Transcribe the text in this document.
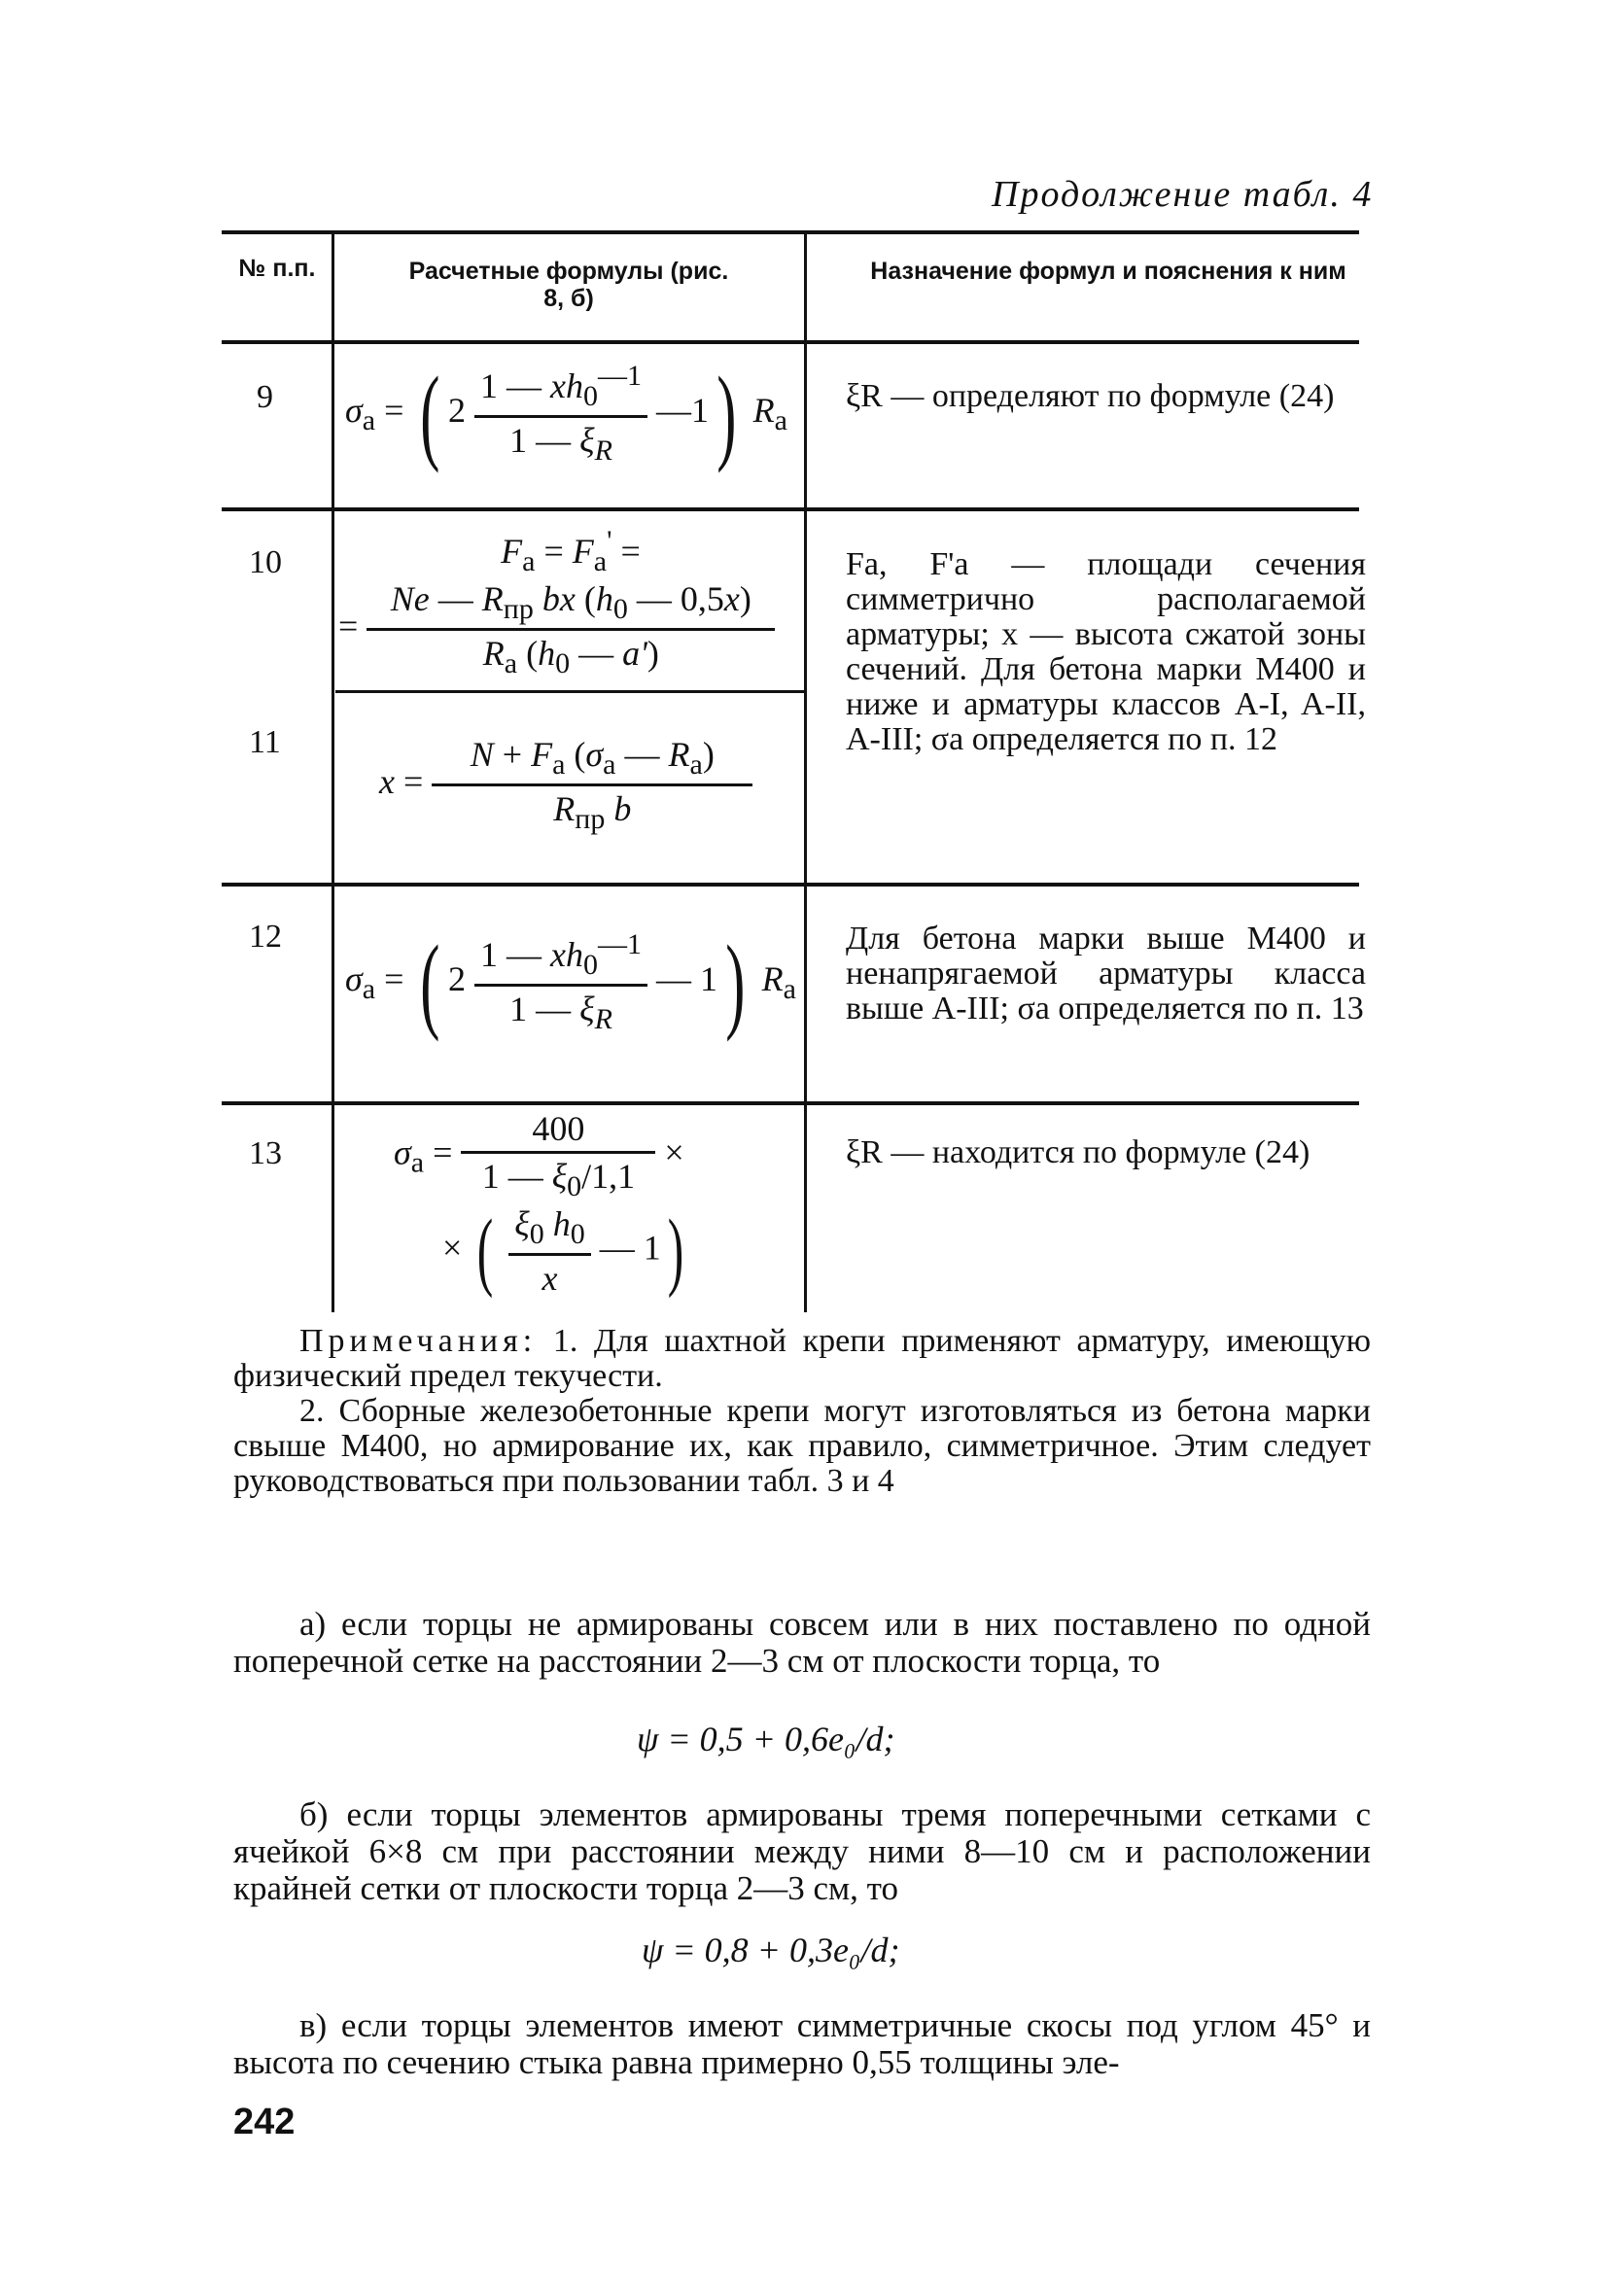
Продолжение табл. 4
№ п.п.	Расчетные формулы (рис. 8, б)
Назначение формул и пояснения к ним
9
10
11
12
13
$\sigma_a$ = ( $2 \frac{1 — xh_0^{—1}}{1 — \xi_R}$ —1) $R_a$
$F_a = F_a'$ =
= $\frac{Ne — R_{пр} bx (h_0 — 0,5x)}{R_a (h_0 — a')}$
$x = \frac{N + F_a (\sigma_a — R_a)}{R_{пр} b}$
$\sigma_a$ = ( $2 \frac{1 — xh_0^{—1}}{1 — \xi_R}$ — 1) $R_a$
$\sigma_a = \frac{400}{1 — \xi_0/1,1}$ ×
× ( $\frac{\xi_0 h_0}{x}$ — 1)
ξR — определяют по формуле (24)
Fa, F'a — площади сечения симметрично располагаемой арматуры; x — высота сжатой зоны сечений. Для бетона марки М400 и ниже и арматуры классов A-I, A-II, A-III; σa определяется по п. 12
Для бетона марки выше М400 и ненапрягаемой арматуры класса выше A-III; σa определяется по п. 13
ξR — находится по формуле (24)

Примечания: 1. Для шахтной крепи применяют арматуру, имеющую физический предел текучести.

2. Сборные железобетонные крепи могут изготовляться из бетона марки свыше М400, но армирование их, как правило, симметричное. Этим следует руководствоваться при пользовании табл. 3 и 4

а) если торцы не армированы совсем или в них поставлено по одной поперечной сетке на расстоянии 2—3 см от плоскости торца, то

ψ = 0,5 + 0,6e₀/d;

б) если торцы элементов армированы тремя поперечными сетками с ячейкой 6×8 см при расстоянии между ними 8—10 см и расположении крайней сетки от плоскости торца 2—3 см, то

ψ = 0,8 + 0,3e₀/d;

в) если торцы элементов имеют симметричные скосы под углом 45° и высота по сечению стыка равна примерно 0,55 толщины эле-

242
